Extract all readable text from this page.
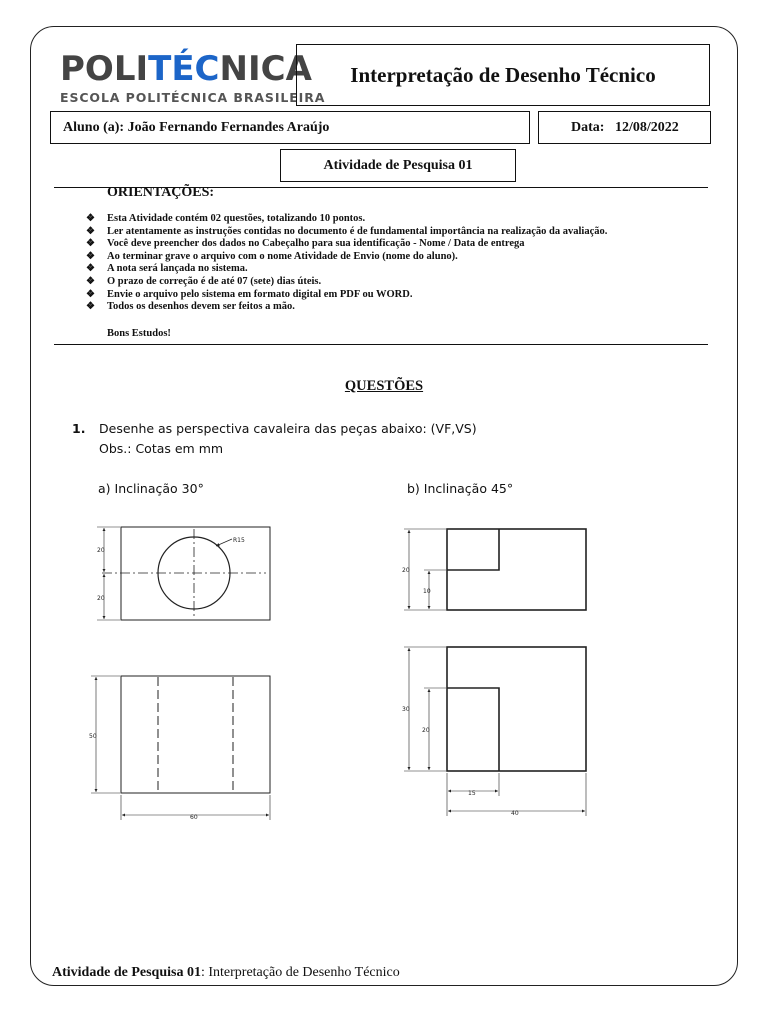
POLITÉCNICA
ESCOLA POLITÉCNICA BRASILEIRA
Interpretação de Desenho Técnico
Aluno (a):
João Fernando Fernandes Araújo	Data:
12/08/2022
Atividade de Pesquisa 01
ORIENTAÇÕES:
❖ Esta Atividade contém 02 questões, totalizando 10 pontos.
❖ Ler atentamente as instruções contidas no documento é de fundamental importância na realização da avaliação.
❖ Você deve preencher dos dados no Cabeçalho para sua identificação - Nome / Data de entrega
❖ Ao terminar grave o arquivo com o nome Atividade de Envio (nome do aluno).
❖ A nota será lançada no sistema.
❖ O prazo de correção é de até 07 (sete) dias úteis.
❖ Envie o arquivo pelo sistema em formato digital em PDF ou WORD.
❖ Todos os desenhos devem ser feitos a mão.
Bons Estudos!
QUESTÕES
1. Desenhe as perspectiva cavaleira das peças abaixo: (VF,VS)
Obs.: Cotas em mm
a) Inclinação 30°	b) Inclinação 45°
R15
20
20
50
60
20
10
30
20
15
40
Atividade de Pesquisa 01: Interpretação de Desenho Técnico
